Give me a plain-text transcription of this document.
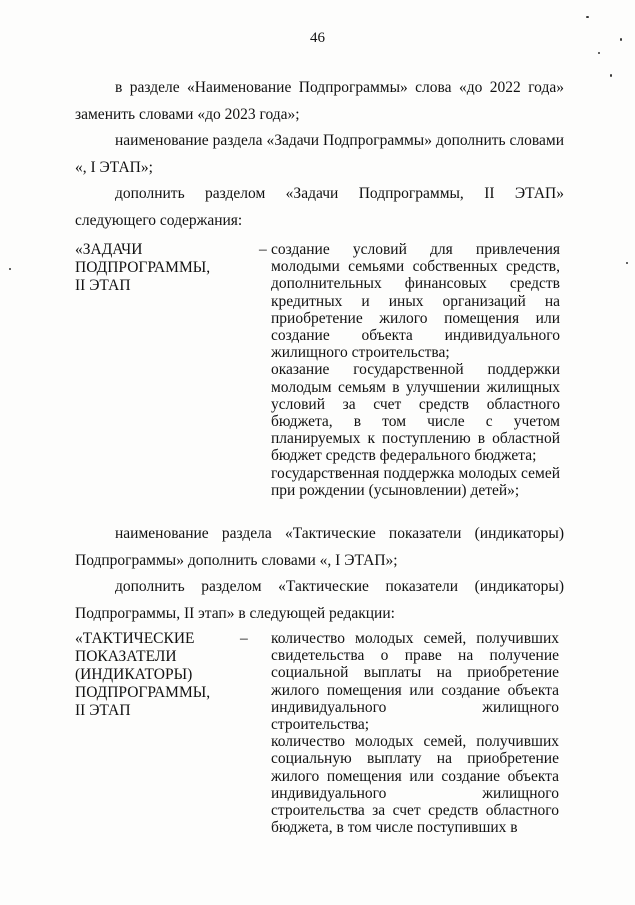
46
в разделе «Наименование Подпрограммы» слова «до 2022 года» заменить словами «до 2023 года»;
наименование раздела «Задачи Подпрограммы» дополнить словами «, I ЭТАП»;
дополнить разделом «Задачи Подпрограммы, II ЭТАП» следующего содержания:
«ЗАДАЧИ
ПОДПРОГРАММЫ,
II ЭТАП
– создание условий для привлечения молодыми семьями собственных средств, дополнительных финансовых средств кредитных и иных организаций на приобретение жилого помещения или создание объекта индивидуального жилищного строительства;
оказание государственной поддержки молодым семьям в улучшении жилищных условий за счет средств областного бюджета, в том числе с учетом планируемых к поступлению в областной бюджет средств федерального бюджета;
государственная поддержка молодых семей при рождении (усыновлении) детей»;
наименование раздела «Тактические показатели (индикаторы) Подпрограммы» дополнить словами «, I ЭТАП»;
дополнить разделом «Тактические показатели (индикаторы) Подпрограммы, II этап» в следующей редакции:
«ТАКТИЧЕСКИЕ
ПОКАЗАТЕЛИ
(ИНДИКАТОРЫ)
ПОДПРОГРАММЫ,
II ЭТАП
– количество молодых семей, получивших свидетельства о праве на получение социальной выплаты на приобретение жилого помещения или создание объекта индивидуального жилищного строительства;
количество молодых семей, получивших социальную выплату на приобретение жилого помещения или создание объекта индивидуального жилищного строительства за счет средств областного бюджета, в том числе поступивших в
